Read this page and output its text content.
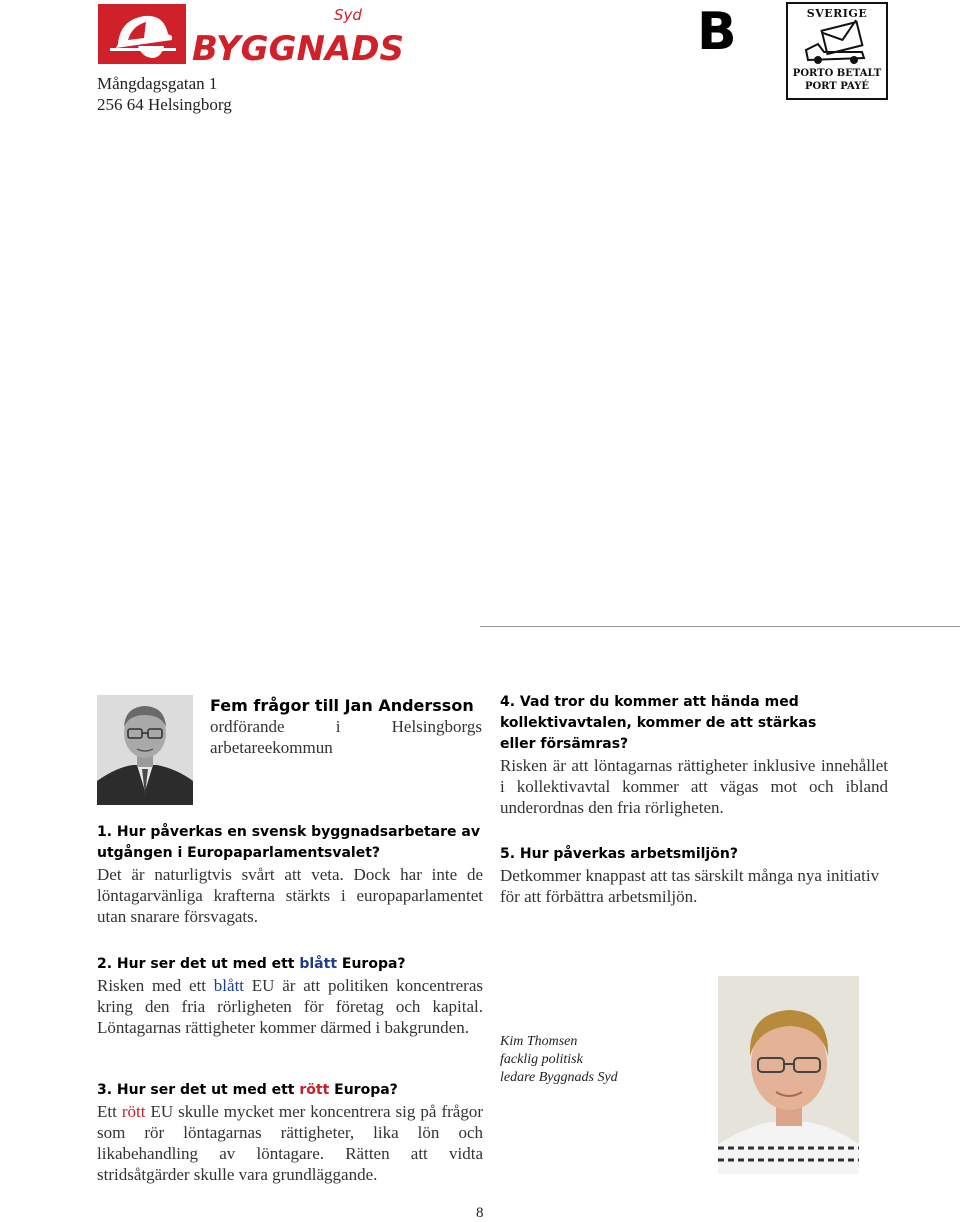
BYGGNADS
Syd
Mångdagsgatan 1
256 64 Helsingborg
B	SVERIGE
PORTO BETALT
PORT PAYÉ
Fem frågor till Jan Andersson
ordförande i Helsingborgs arbetareekommun
1. Hur påverkas en svensk byggnadsarbetare av
utgången i Europaparlamentsvalet?
Det är naturligtvis svårt att veta. Dock har inte de löntagarvänliga krafterna stärkts i europaparlamentet utan snarare försvagats.
2. Hur ser det ut med ett blått Europa?
Risken med ett blått EU är att politiken koncentreras kring den fria rörligheten för företag och kapital. Löntagarnas rättigheter kommer därmed i bakgrunden.
3. Hur ser det ut med ett rött Europa?
Ett rött EU skulle mycket mer koncentrera sig på frågor som rör löntagarnas rättigheter, lika lön och likabehandling av löntagare. Rätten att vidta stridsåtgärder skulle vara grundläggande.
4. Vad tror du kommer att hända med kollektivavtalen, kommer de att stärkas eller försämras?
Risken är att löntagarnas rättigheter inklusive innehållet i kollektivavtal kommer att vägas mot och ibland underordnas den fria rörligheten.
5. Hur påverkas arbetsmiljön?
Detkommer knappast att tas särskilt många nya initiativ för att förbättra arbetsmiljön.
Kim Thomsen
facklig politisk
ledare Byggnads Syd
8
